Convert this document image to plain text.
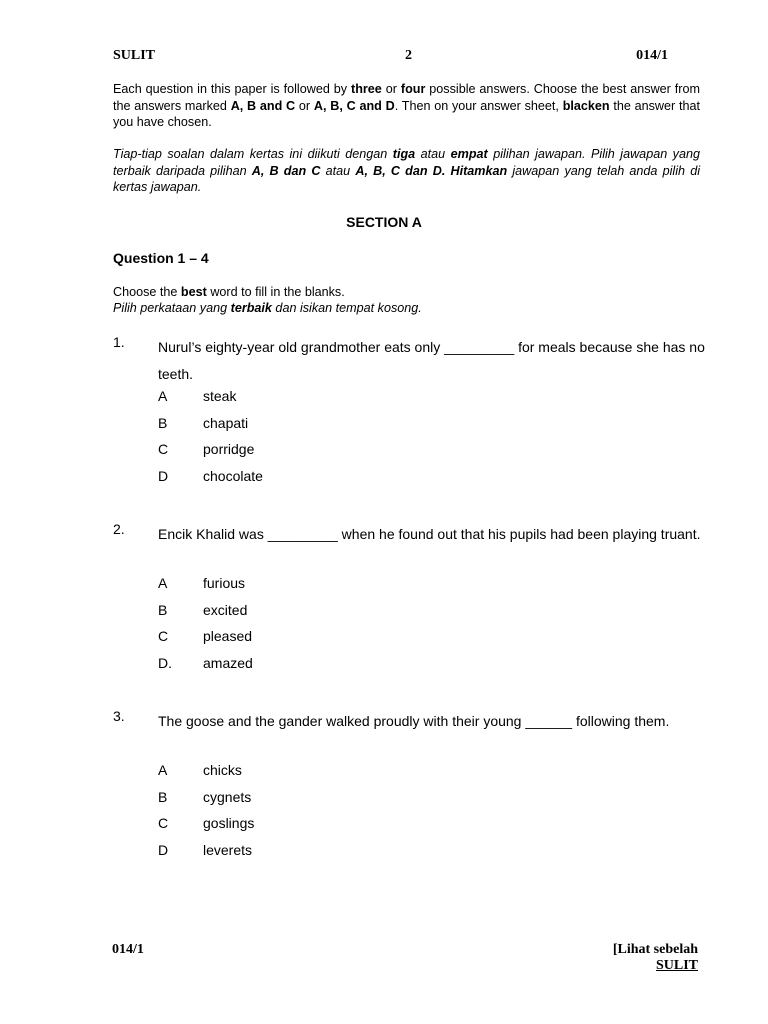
SULIT	2	014/1
Each question in this paper is followed by three or four possible answers. Choose the best answer from the answers marked A, B and C or A, B, C and D. Then on your answer sheet, blacken the answer that you have chosen.
Tiap-tiap soalan dalam kertas ini diikuti dengan tiga atau empat pilihan jawapan. Pilih jawapan yang terbaik daripada pilihan A, B dan C atau A, B, C dan D. Hitamkan jawapan yang telah anda pilih di kertas jawapan.
SECTION A
Question 1 – 4
Choose the best word to fill in the blanks.
Pilih perkataan yang terbaik dan isikan tempat kosong.
1. Nurul’s eighty-year old grandmother eats only _________ for meals because she has no teeth.
A	steak
B	chapati
C porridge
D chocolate
2. Encik Khalid was _________ when he found out that his pupils had been playing truant.
A	furious
B	excited
C pleased
D. amazed
3. The goose and the gander walked proudly with their young ______ following them.
A	chicks
B	cygnets
C goslings
D leverets
014/1	[Lihat sebelah
SULIT
